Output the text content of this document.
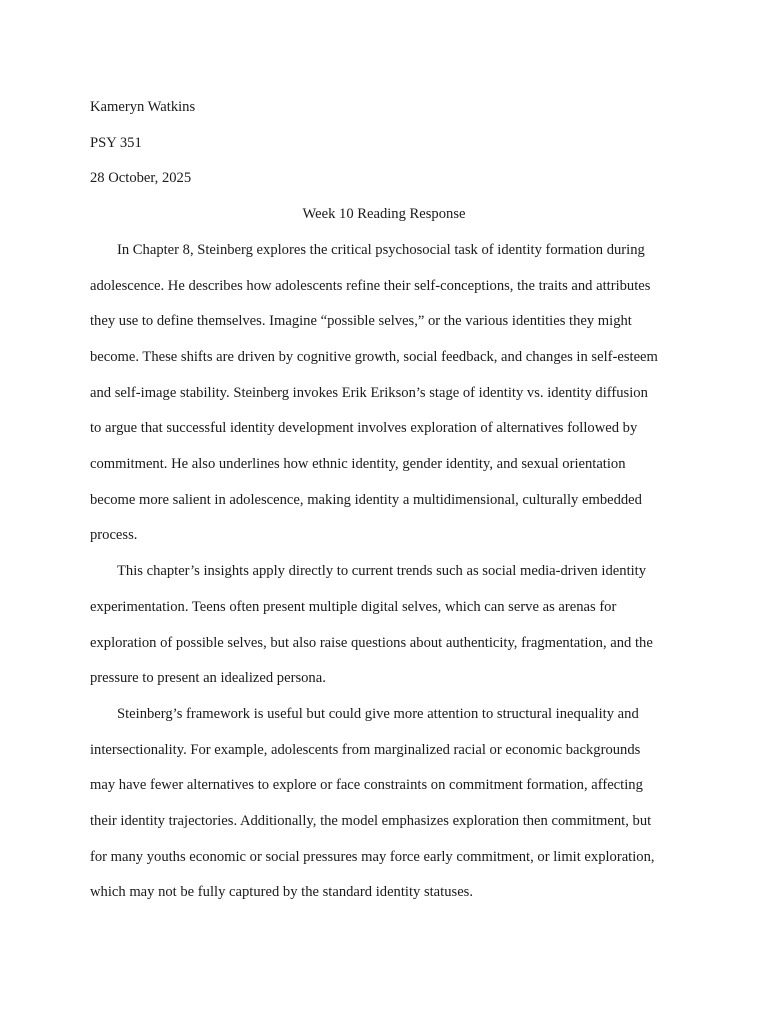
Kameryn Watkins

PSY 351

28 October, 2025

Week 10 Reading Response

In Chapter 8, Steinberg explores the critical psychosocial task of identity formation during
adolescence. He describes how adolescents refine their self-conceptions, the traits and attributes
they use to define themselves. Imagine “possible selves,” or the various identities they might
become. These shifts are driven by cognitive growth, social feedback, and changes in self-esteem
and self-image stability. Steinberg invokes Erik Erikson’s stage of identity vs. identity diffusion
to argue that successful identity development involves exploration of alternatives followed by
commitment. He also underlines how ethnic identity, gender identity, and sexual orientation
become more salient in adolescence, making identity a multidimensional, culturally embedded
process.

This chapter’s insights apply directly to current trends such as social media-driven identity
experimentation. Teens often present multiple digital selves, which can serve as arenas for
exploration of possible selves, but also raise questions about authenticity, fragmentation, and the
pressure to present an idealized persona.

Steinberg’s framework is useful but could give more attention to structural inequality and
intersectionality. For example, adolescents from marginalized racial or economic backgrounds
may have fewer alternatives to explore or face constraints on commitment formation, affecting
their identity trajectories. Additionally, the model emphasizes exploration then commitment, but
for many youths economic or social pressures may force early commitment, or limit exploration,
which may not be fully captured by the standard identity statuses.
